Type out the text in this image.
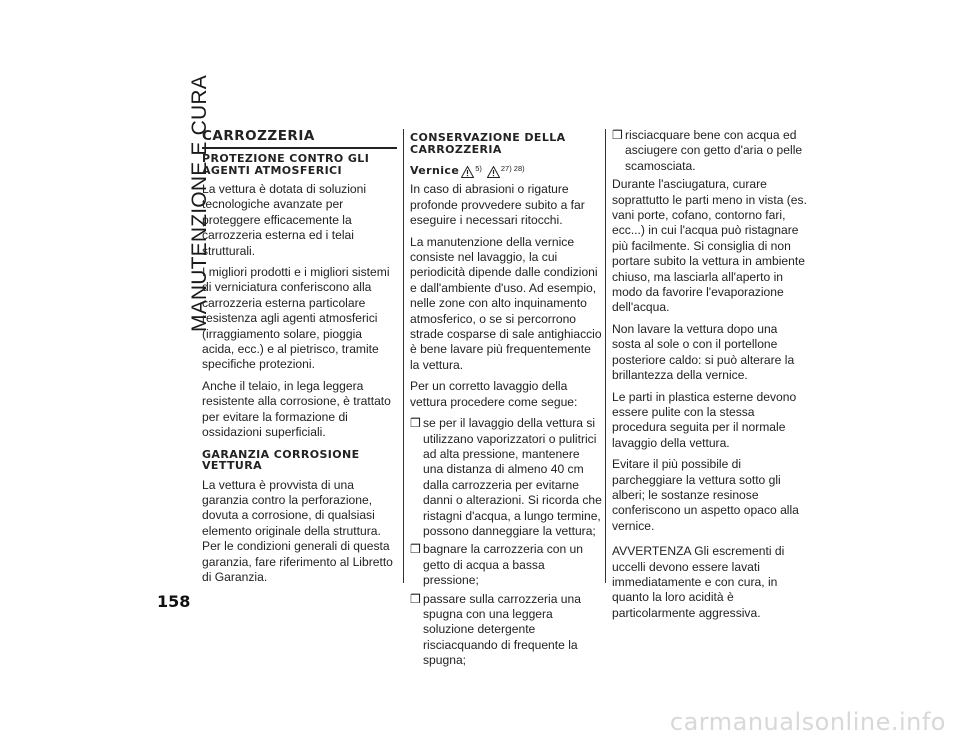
MANUTENZIONE E CURA
CARROZZERIA
PROTEZIONE CONTRO GLI AGENTI ATMOSFERICI

La vettura è dotata di soluzioni tecnologiche avanzate per proteggere efficacemente la carrozzeria esterna ed i telai strutturali.

I migliori prodotti e i migliori sistemi di verniciatura conferiscono alla carrozzeria esterna particolare resistenza agli agenti atmosferici (irraggiamento solare, pioggia acida, ecc.) e al pietrisco, tramite specifiche protezioni.

Anche il telaio, in lega leggera resistente alla corrosione, è trattato per evitare la formazione di ossidazioni superficiali.

GARANZIA CORROSIONE VETTURA

La vettura è provvista di una garanzia contro la perforazione, dovuta a corrosione, di qualsiasi elemento originale della struttura. Per le condizioni generali di questa garanzia, fare riferimento al Libretto di Garanzia.

CONSERVAZIONE DELLA CARROZZERIA
Vernice 5)	27) 28)

In caso di abrasioni o rigature profonde provvedere subito a far eseguire i necessari ritocchi.

La manutenzione della vernice consiste nel lavaggio, la cui periodicità dipende dalle condizioni e dall'ambiente d'uso. Ad esempio, nelle zone con alto inquinamento atmosferico, o se si percorrono strade cosparse di sale antighiaccio è bene lavare più frequentemente la vettura.

Per un corretto lavaggio della vettura procedere come segue:

❒ se per il lavaggio della vettura si utilizzano vaporizzatori o pulitrici ad alta pressione, mantenere una distanza di almeno 40 cm dalla carrozzeria per evitarne danni o alterazioni. Si ricorda che ristagni d'acqua, a lungo termine, possono danneggiare la vettura;
❒ bagnare la carrozzeria con un getto di acqua a bassa pressione;
❒ passare sulla carrozzeria una spugna con una leggera soluzione detergente risciacquando di frequente la spugna;
❒ risciacquare bene con acqua ed asciugere con getto d'aria o pelle scamosciata.

Durante l'asciugatura, curare soprattutto le parti meno in vista (es. vani porte, cofano, contorno fari, ecc...) in cui l'acqua può ristagnare più facilmente. Si consiglia di non portare subito la vettura in ambiente chiuso, ma lasciarla all'aperto in modo da favorire l'evaporazione dell'acqua.

Non lavare la vettura dopo una sosta al sole o con il portellone posteriore caldo: si può alterare la brillantezza della vernice.

Le parti in plastica esterne devono essere pulite con la stessa procedura seguita per il normale lavaggio della vettura.

Evitare il più possibile di parcheggiare la vettura sotto gli alberi; le sostanze resinose conferiscono un aspetto opaco alla vernice.

AVVERTENZA Gli escrementi di uccelli devono essere lavati immediatamente e con cura, in quanto la loro acidità è particolarmente aggressiva.

158
carmanualsonline.info
